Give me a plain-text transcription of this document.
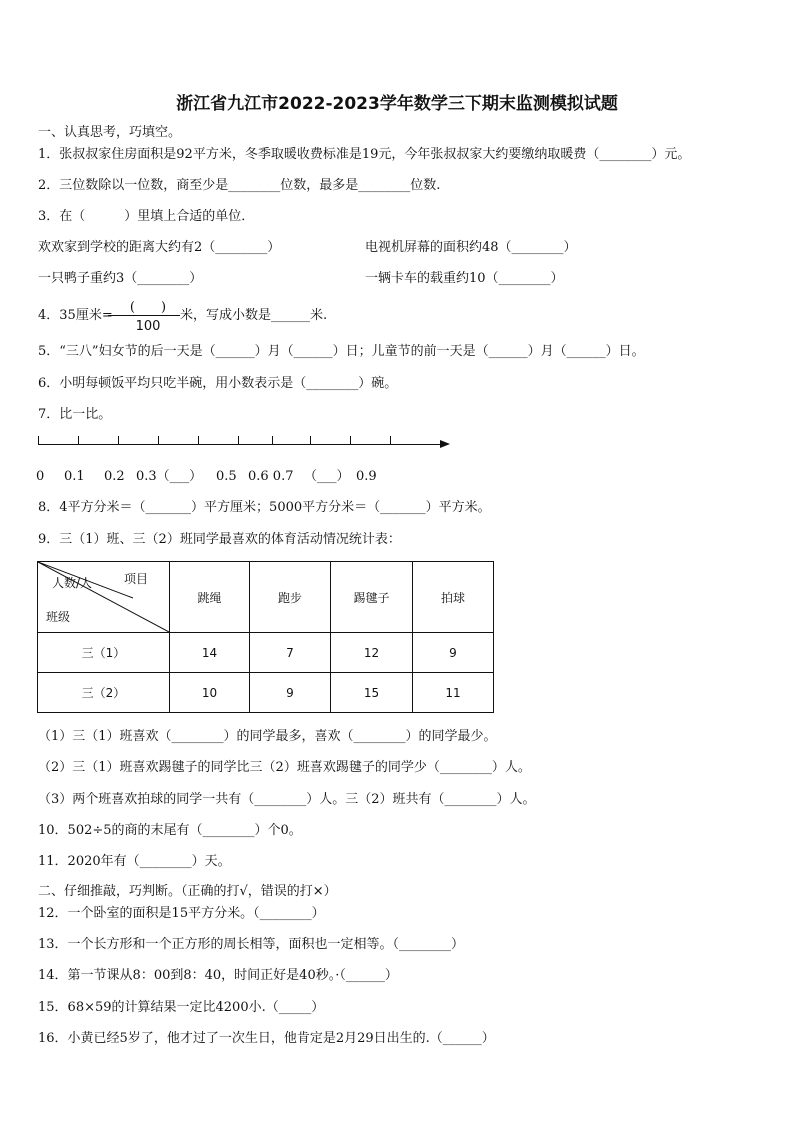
浙江省九江市2022-2023学年数学三下期末监测模拟试题
一、认真思考，巧填空。
1．张叔叔家住房面积是92平方米，冬季取暖收费标准是19元，今年张叔叔家大约要缴纳取暖费（________）元。
2．三位数除以一位数，商至少是________位数，最多是________位数.
3．在（　　　）里填上合适的单位．
欢欢家到学校的距离大约有2（________）	电视机屏幕的面积约48（________）
一只鸭子重约3（________）	一辆卡车的载重约10（________）
4．35厘米=
(　　)
100
米，写成小数是______米.
5．“三八”妇女节的后一天是（______）月（______）日；儿童节的前一天是（______）月（______）日。
6．小明每顿饭平均只吃半碗，用小数表示是（________）碗。
7．比一比。
0 0.1 0.2 0.3（___） 0.5 0.6 0.7 （___） 0.9
8．4平方分米＝（_______）平方厘米；5000平方分米＝（_______）平方米。
9．三（1）班、三（2）班同学最喜欢的体育活动情况统计表：
人数/人 项目
班级	跳绳	跑步	踢毽子	拍球
三（1）	14	7	12	9
三（2）	10	9	15	11
（1）三（1）班喜欢（________）的同学最多，喜欢（________）的同学最少。
（2）三（1）班喜欢踢毽子的同学比三（2）班喜欢踢毽子的同学少（________）人。
（3）两个班喜欢拍球的同学一共有（________）人。三（2）班共有（________）人。
10．502÷5的商的末尾有（________）个0。
11．2020年有（________）天。
二、仔细推敲，巧判断。（正确的打√，错误的打×）
12．一个卧室的面积是15平方分米。（________）
13．一个长方形和一个正方形的周长相等，面积也一定相等。（________）
14．第一节课从8：00到8：40，时间正好是40秒。·（______）
15．68×59的计算结果一定比4200小.（_____）
16．小黄已经5岁了，他才过了一次生日，他肯定是2月29日出生的.（______）
